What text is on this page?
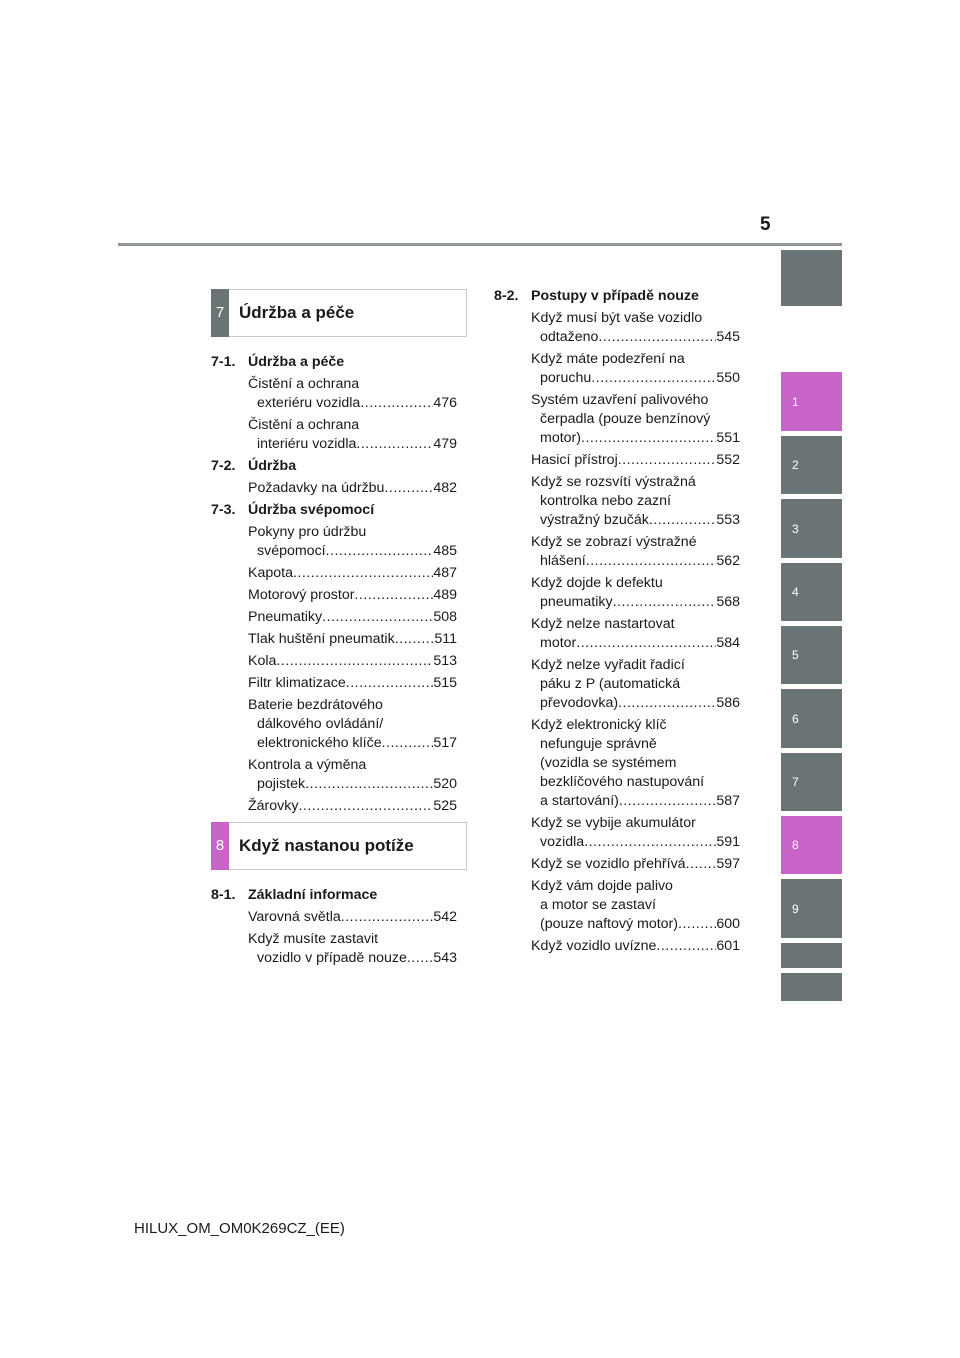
5
1
2
3
4
5
6
7
8
9
7 Údržba a péče
7-1. Údržba a péče
Čistění a ochrana
exteriéru vozidla .....	476
Čistění a ochrana
interiéru vozidla .....	479
7-2. Údržba
Požadavky na údržbu .....	482
7-3. Údržba svépomocí
Pokyny pro údržbu
svépomocí .....	485
Kapota .....	487
Motorový prostor .....	489
Pneumatiky .....	508
Tlak huštění pneumatik .....	511
Kola .....	513
Filtr klimatizace .....	515
Baterie bezdrátového
dálkového ovládání/
elektronického klíče .....	517
Kontrola a výměna
pojistek .....	520
Žárovky .....	525
8 Když nastanou potíže
8-1. Základní informace
Varovná světla .....	542
Když musíte zastavit
vozidlo v případě nouze ..... 543
8-2. Postupy v případě nouze
Když musí být vaše vozidlo
odtaženo .....	545
Když máte podezření na
poruchu .....	550
Systém uzavření palivového
čerpadla (pouze benzínový
motor) .....	551
Hasicí přístroj .....	552
Když se rozsvítí výstražná
kontrolka nebo zazní
výstražný bzučák .....	553
Když se zobrazí výstražné
hlášení .....	562
Když dojde k defektu
pneumatiky .....	568
Když nelze nastartovat
motor .....	584
Když nelze vyřadit řadicí
páku z P (automatická
převodovka) .....	586
Když elektronický klíč
nefunguje správně
(vozidla se systémem
bezklíčového nastupování
a startování) .....	587
Když se vybije akumulátor
vozidla .....	591
Když se vozidlo přehřívá ..... 597
Když vám dojde palivo
a motor se zastaví
(pouze naftový motor) .....	600
Když vozidlo uvízne .....	601
HILUX_OM_OM0K269CZ_(EE)
